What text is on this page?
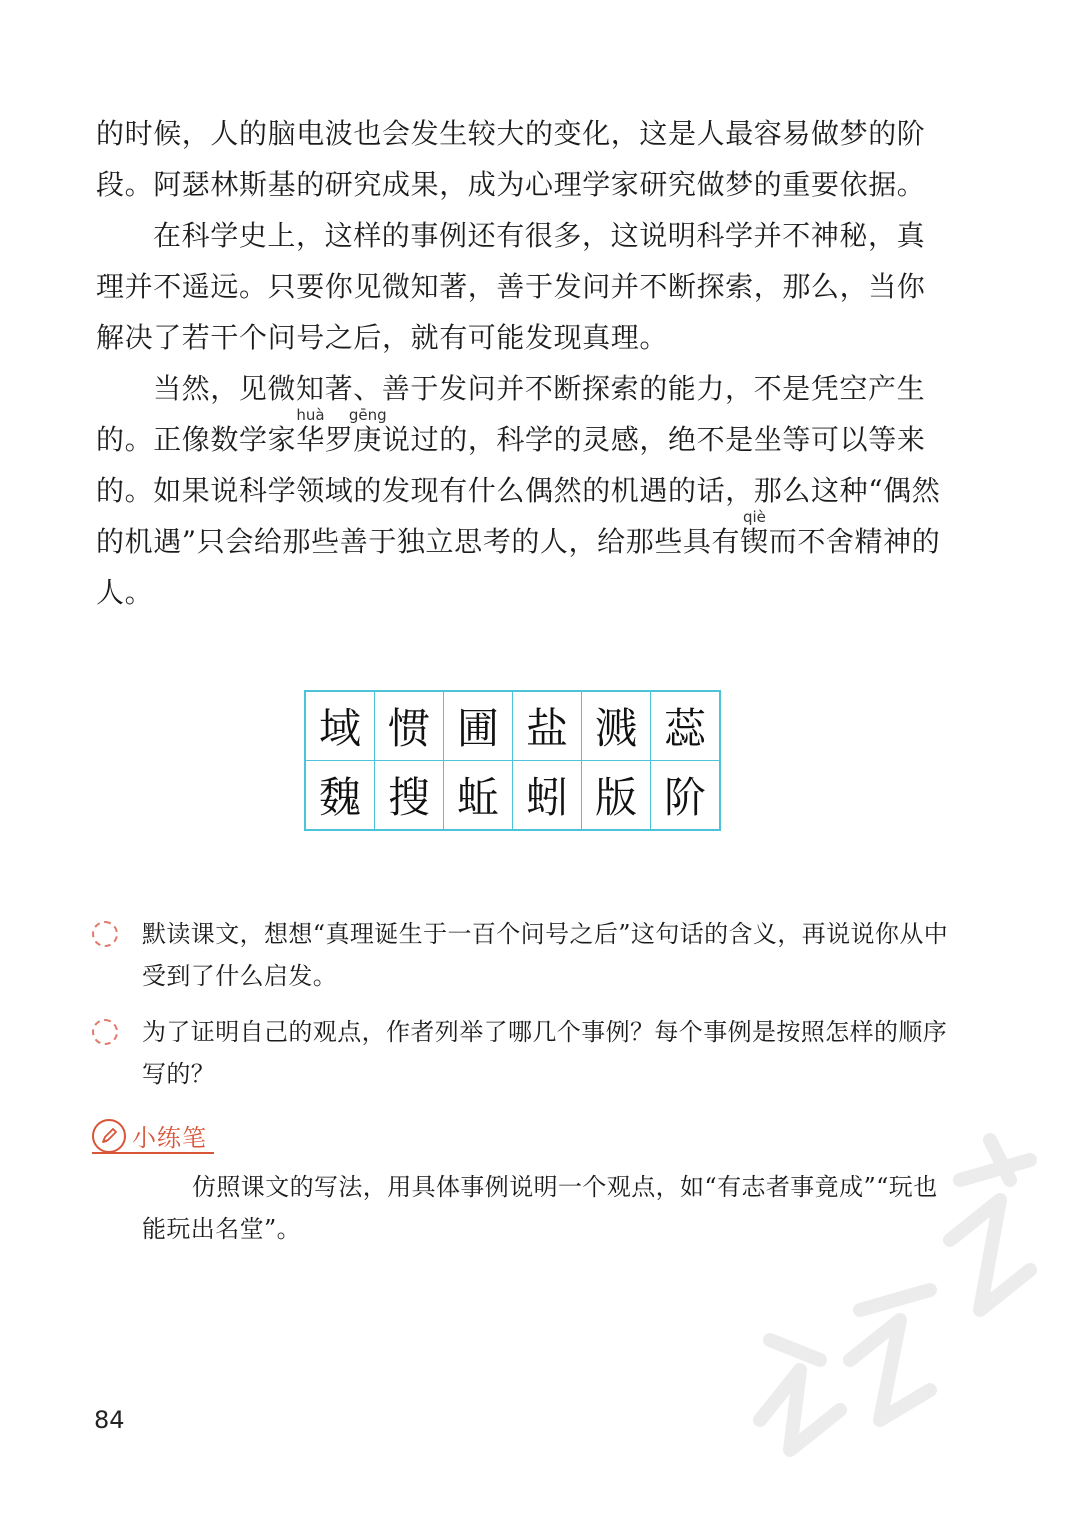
的时候，人的脑电波也会发生较大的变化，这是人最容易做梦的阶段。阿瑟林斯基的研究成果，成为心理学家研究做梦的重要依据。

在科学史上，这样的事例还有很多，这说明科学并不神秘，真理并不遥远。只要你见微知著，善于发问并不断探索，那么，当你解决了若干个问号之后，就有可能发现真理。

当然，见微知著、善于发问并不断探索的能力，不是凭空产生的。正像数学家华huà罗庚gēng说过的，科学的灵感，绝不是坐等可以等来的。如果说科学领域的发现有什么偶然的机遇的话，那么这种“偶然的机遇”只会给那些善于独立思考的人，给那些具有锲qiè而不舍精神的人。

域	惯	圃	盐	溅	蕊
魏	搜	蚯	蚓	版	阶
默读课文，想想“真理诞生于一百个问号之后”这句话的含义，再说说你从中受到了什么启发。
为了证明自己的观点，作者列举了哪几个事例？每个事例是按照怎样的顺序写的？
小练笔
仿照课文的写法，用具体事例说明一个观点，如“有志者事竟成”“玩也能玩出名堂”。
84
